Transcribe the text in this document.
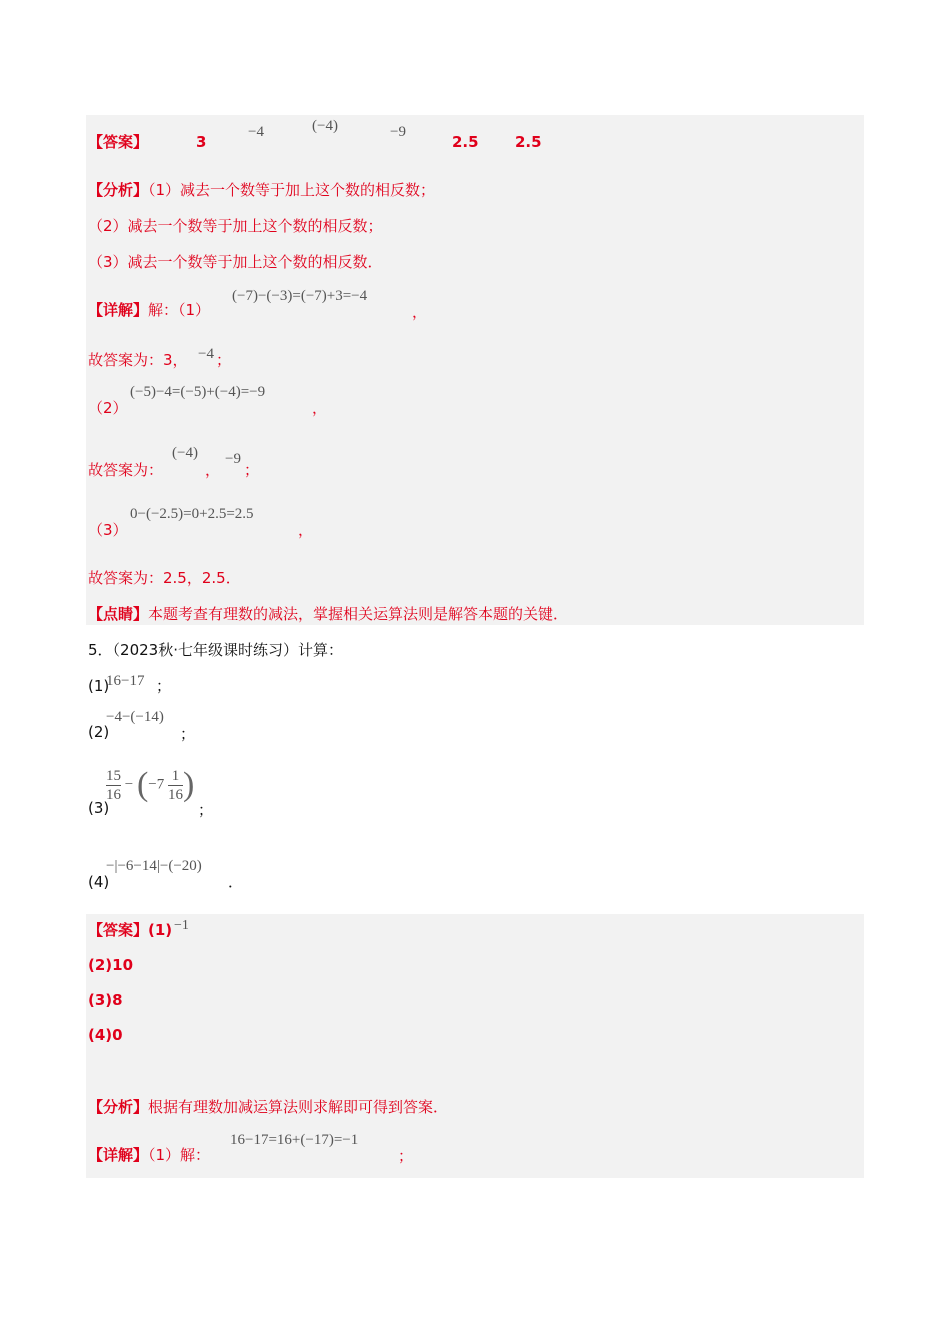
【答案】	3
−4	(−4)	−9
2.5 2.5
【分析】（1）减去一个数等于加上这个数的相反数；
（2）减去一个数等于加上这个数的相反数；
（3）减去一个数等于加上这个数的相反数．
【详解】解：（1）
(−7)−(−3)=(−7)+3=−4
，
故答案为：3， −4 ；
（2）
(−5)−4=(−5)+(−4)=−9
，
故答案为：
(−4)
，
−9
；
（3）
0−(−2.5)=0+2.5=2.5
，
故答案为：2.5，2.5．
【点睛】本题考查有理数的减法，掌握相关运算法则是解答本题的关键．
5．（2023秋·七年级课时练习）计算：
(1)
16−17 ；
(2)
−4−(−14)
；
(3)
$\frac{15}{16} - (-7 \frac{1}{16}$ )
；
(4)
−|−6−14|−(−20)
．
【答案】(1) −1
(2)10
(3)8
(4)0
【分析】根据有理数加减运算法则求解即可得到答案．
【详解】（1）解：
16−17=16+(−17)=−1
；
